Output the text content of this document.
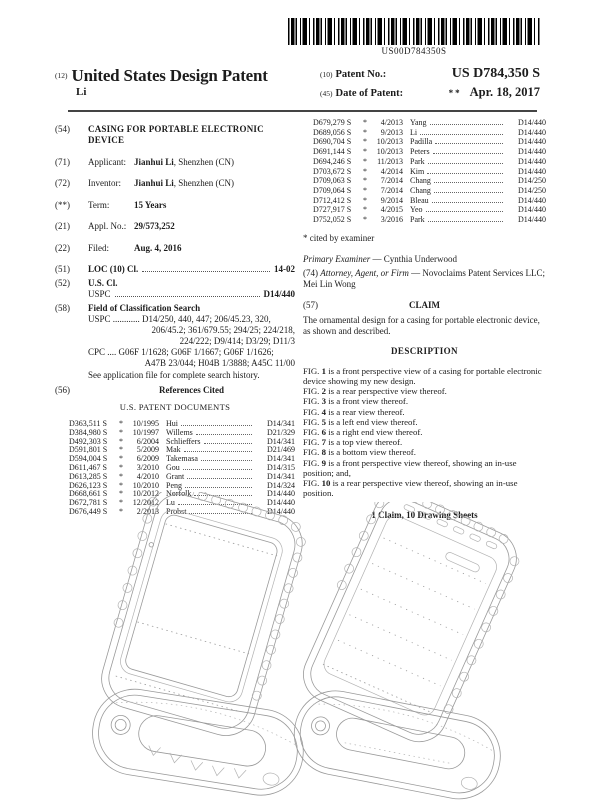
US00D784350S
(12) United States Design Patent
Li
(10) Patent No.:	US D784,350 S
(45) Date of Patent:	** Apr. 18, 2017
(54)	CASING FOR PORTABLE ELECTRONIC DEVICE
(71)	Applicant: Jianhui Li, Shenzhen (CN)
(72)	Inventor: Jianhui Li, Shenzhen (CN)
(**)	Term:	15 Years
(21)	Appl. No.: 29/573,252
(22)	Filed:	Aug. 4, 2016
(51)	LOC (10) Cl.	14-02
(52)	U.S. Cl.
USPC	D14/440
(58)	Field of Classification Search
USPC ............ D14/250, 440, 447; 206/45.23, 320,
206/45.2; 361/679.55; 294/25; 224/218,
224/222; D9/414; D3/29; D11/3
CPC .... G06F 1/1628; G06F 1/1667; G06F 1/1626;
A47B 23/044; H04B 1/3888; A45C 11/00
See application file for complete search history.
(56)	References Cited
U.S. PATENT DOCUMENTS
D363,511 S	*	10/1995 Hui	D14/341
D384,980 S	*	10/1997 Willems	D21/329
D492,303 S	*	6/2004 Schlieffers	D14/341
D591,801 S	*	5/2009 Mak	D21/469
D594,004 S	*	6/2009 Takemasa	D14/341
D611,467 S	*	3/2010 Gou	D14/315
D613,285 S	*	4/2010 Grant	D14/341
D626,123 S	*	10/2010 Peng	D14/324
D668,661 S	*	10/2012 Norfolk	D14/440
D672,781 S	*	12/2012 Lu	D14/440
D676,449 S	*	2/2013 Probst	D14/440
D679,279 S	*	4/2013 Yang	D14/440
D689,056 S	*	9/2013 Li	D14/440
D690,704 S	*	10/2013 Padilla	D14/440
D691,144 S	*	10/2013 Peters	D14/440
D694,246 S	*	11/2013 Park	D14/440
D703,672 S	*	4/2014 Kim	D14/440
D709,063 S	*	7/2014 Chang	D14/250
D709,064 S	*	7/2014 Chang	D14/250
D712,412 S	*	9/2014 Bleau	D14/440
D727,917 S	*	4/2015 Yeo	D14/440
D752,052 S	*	3/2016 Park	D14/440
* cited by examiner
Primary Examiner — Cynthia Underwood
(74) Attorney, Agent, or Firm — Novoclaims Patent Services LLC; Mei Lin Wong
(57)	CLAIM
The ornamental design for a casing for portable electronic device, as shown and described.
DESCRIPTION
FIG. 1 is a front perspective view of a casing for portable electronic device showing my new design.
FIG. 2 is a rear perspective view thereof.
FIG. 3 is a front view thereof.
FIG. 4 is a rear view thereof.
FIG. 5 is a left end view thereof.
FIG. 6 is a right end view thereof.
FIG. 7 is a top view thereof.
FIG. 8 is a bottom view thereof.
FIG. 9 is a front perspective view thereof, showing an in-use position; and,
FIG. 10 is a rear perspective view thereof, showing an in-use position.
1 Claim, 10 Drawing Sheets
